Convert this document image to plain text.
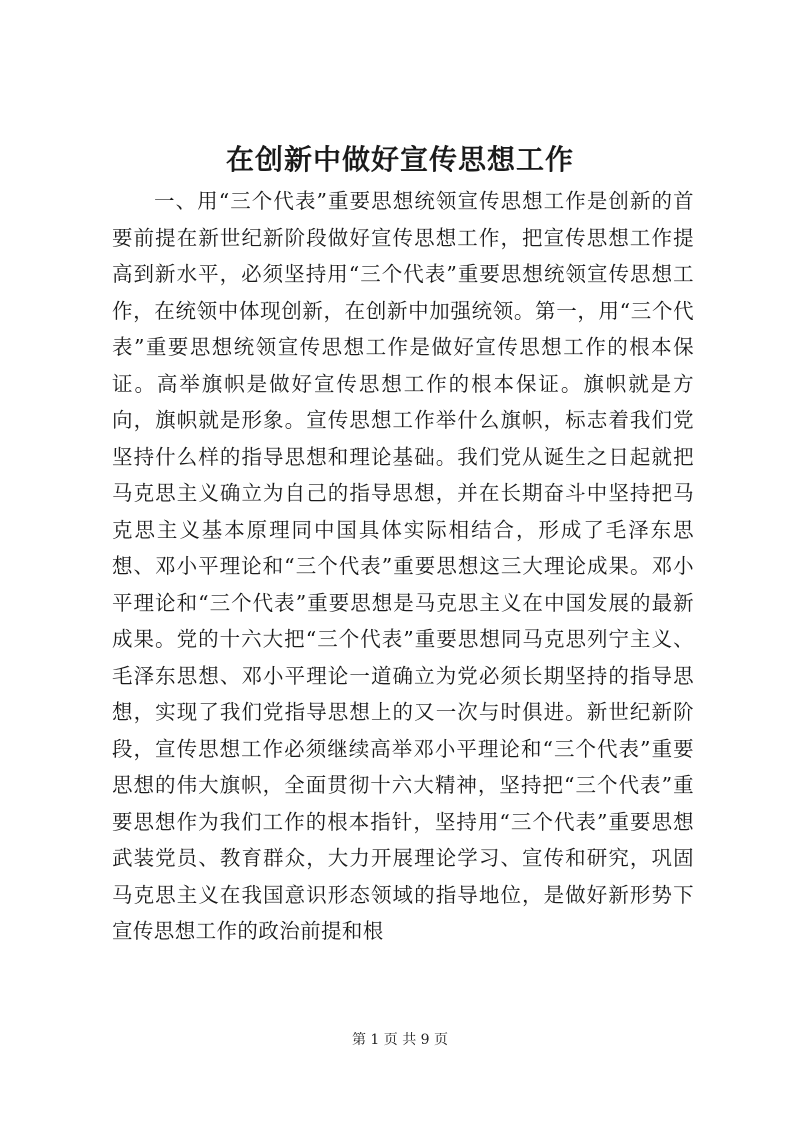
在创新中做好宣传思想工作

一、用“三个代表”重要思想统领宣传思想工作是创新的首要前提在新世纪新阶段做好宣传思想工作，把宣传思想工作提高到新水平，必须坚持用“三个代表”重要思想统领宣传思想工作，在统领中体现创新，在创新中加强统领。第一，用“三个代表”重要思想统领宣传思想工作是做好宣传思想工作的根本保证。高举旗帜是做好宣传思想工作的根本保证。旗帜就是方向，旗帜就是形象。宣传思想工作举什么旗帜，标志着我们党坚持什么样的指导思想和理论基础。我们党从诞生之日起就把马克思主义确立为自己的指导思想，并在长期奋斗中坚持把马克思主义基本原理同中国具体实际相结合，形成了毛泽东思想、邓小平理论和“三个代表”重要思想这三大理论成果。邓小平理论和“三个代表”重要思想是马克思主义在中国发展的最新成果。党的十六大把“三个代表”重要思想同马克思列宁主义、毛泽东思想、邓小平理论一道确立为党必须长期坚持的指导思想，实现了我们党指导思想上的又一次与时俱进。新世纪新阶段，宣传思想工作必须继续高举邓小平理论和“三个代表”重要思想的伟大旗帜，全面贯彻十六大精神，坚持把“三个代表”重要思想作为我们工作的根本指针，坚持用“三个代表”重要思想武装党员、教育群众，大力开展理论学习、宣传和研究，巩固马克思主义在我国意识形态领域的指导地位，是做好新形势下宣传思想工作的政治前提和根

第 1 页 共 9 页
